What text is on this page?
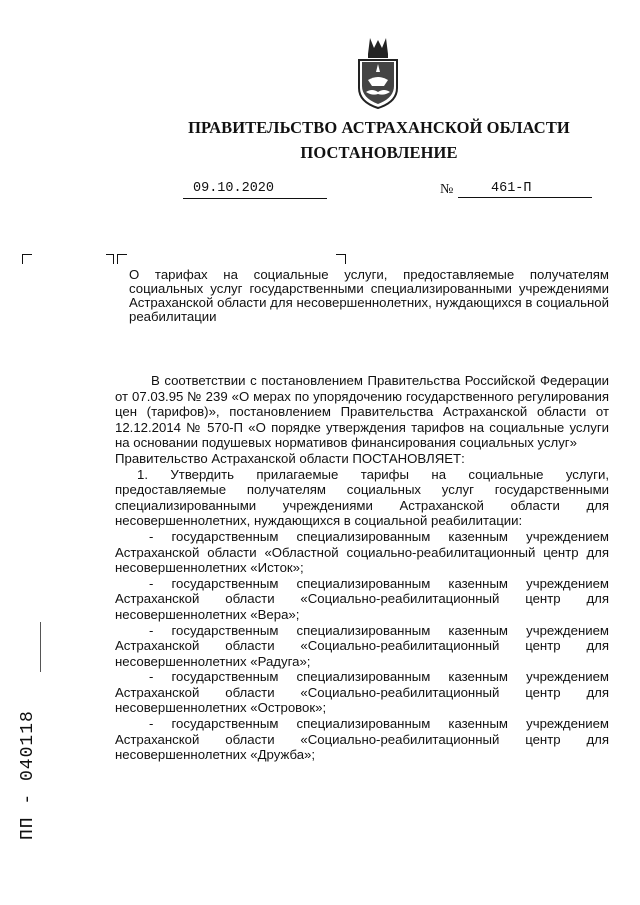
ПРАВИТЕЛЬСТВО АСТРАХАНСКОЙ ОБЛАСТИ
ПОСТАНОВЛЕНИЕ
09.10.2020	№	461-П
О тарифах на социальные услуги, предоставляемые получателям социальных услуг государственными специализированными учреждениями Астраханской области для несовершеннолетних, нуждающихся в социальной реабилитации

В соответствии с постановлением Правительства Российской Федерации от 07.03.95 № 239 «О мерах по упорядочению государственного регулирования цен (тарифов)», постановлением Правительства Астраханской области от 12.12.2014 № 570-П «О порядке утверждения тарифов на социальные услуги на основании подушевых нормативов финансирования социальных услуг»

Правительство Астраханской области ПОСТАНОВЛЯЕТ:

1. Утвердить прилагаемые тарифы на социальные услуги, предоставляемые получателям социальных услуг государственными специализированными учреждениями Астраханской области для несовершеннолетних, нуждающихся в социальной реабилитации:

- государственным специализированным казенным учреждением Астраханской области «Областной социально-реабилитационный центр для несовершеннолетних «Исток»;

- государственным специализированным казенным учреждением Астраханской области «Социально-реабилитационный центр для несовершеннолетних «Вера»;

- государственным специализированным казенным учреждением Астраханской области «Социально-реабилитационный центр для несовершеннолетних «Радуга»;

- государственным специализированным казенным учреждением Астраханской области «Социально-реабилитационный центр для несовершеннолетних «Островок»;

- государственным специализированным казенным учреждением Астраханской области «Социально-реабилитационный центр для несовершеннолетних «Дружба»;

ПП - 040118
